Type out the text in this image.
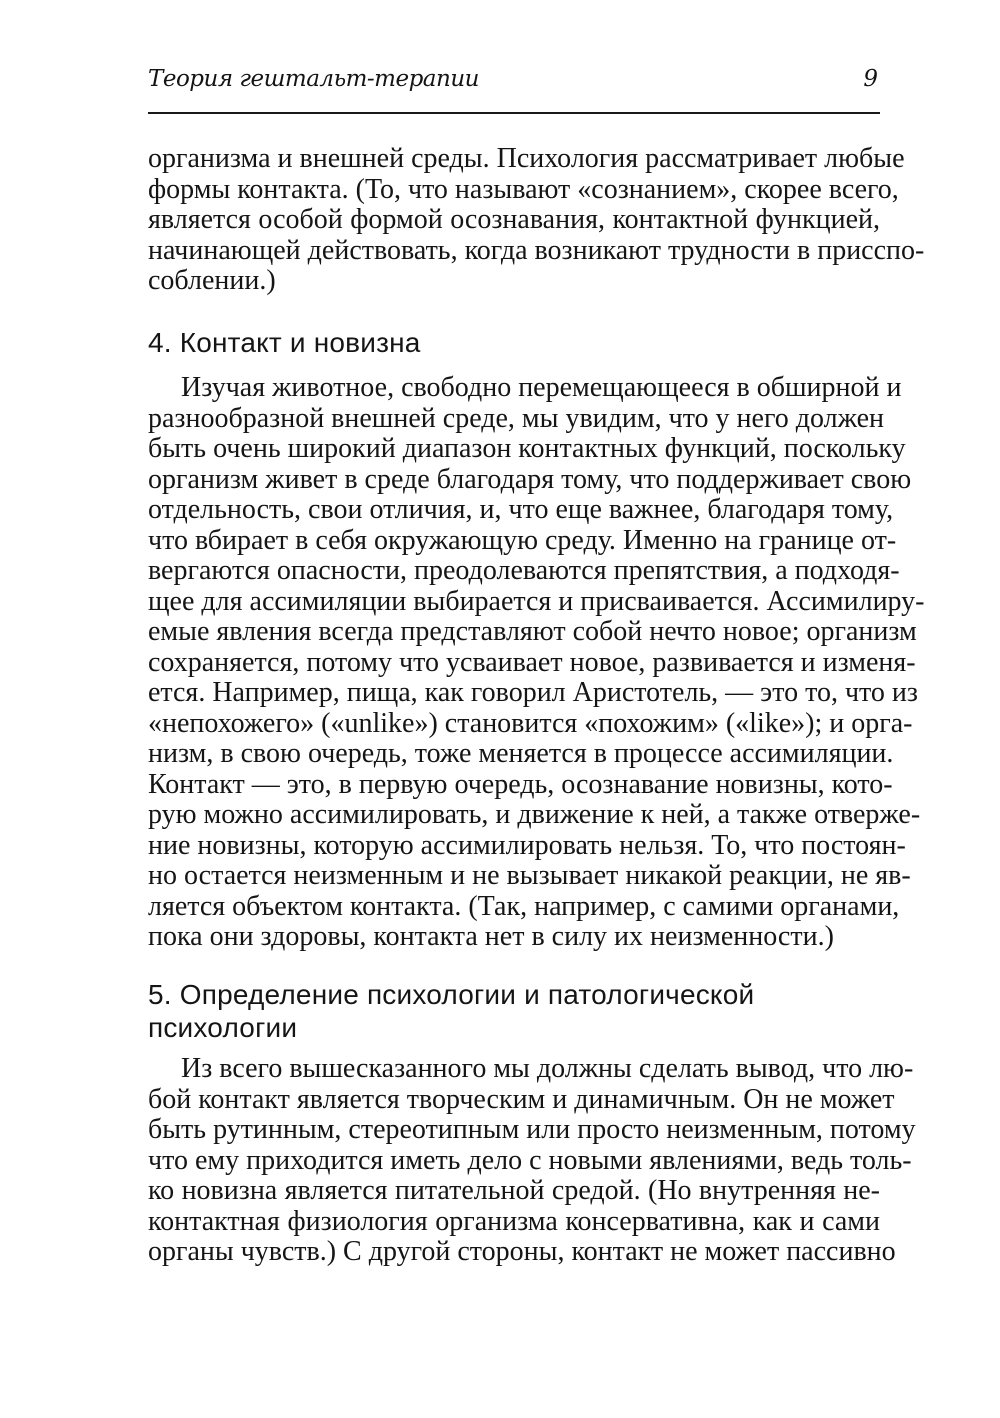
Теория гештальт-терапии	9
организма и внешней среды. Психология рассматривает любые
формы контакта. (То, что называют «сознанием», скорее всего,
является особой формой осознавания, контактной функцией,
начинающей действовать, когда возникают трудности в присспо-
соблении.)
4. Контакт и новизна
Изучая животное, свободно перемещающееся в обширной и
разнообразной внешней среде, мы увидим, что у него должен
быть очень широкий диапазон контактных функций, поскольку
организм живет в среде благодаря тому, что поддерживает свою
отдельность, свои отличия, и, что еще важнее, благодаря тому,
что вбирает в себя окружающую среду. Именно на границе от-
вергаются опасности, преодолеваются препятствия, а подходя-
щее для ассимиляции выбирается и присваивается. Ассимилиру-
емые явления всегда представляют собой нечто новое; организм
сохраняется, потому что усваивает новое, развивается и изменя-
ется. Например, пища, как говорил Аристотель, — это то, что из
«непохожего» («unlike») становится «похожим» («like»); и орга-
низм, в свою очередь, тоже меняется в процессе ассимиляции.
Контакт — это, в первую очередь, осознавание новизны, кото-
рую можно ассимилировать, и движение к ней, а также отверже-
ние новизны, которую ассимилировать нельзя. То, что постоян-
но остается неизменным и не вызывает никакой реакции, не яв-
ляется объектом контакта. (Так, например, с самими органами,
пока они здоровы, контакта нет в силу их неизменности.)
5. Определение психологии и патологической
психологии
Из всего вышесказанного мы должны сделать вывод, что лю-
бой контакт является творческим и динамичным. Он не может
быть рутинным, стереотипным или просто неизменным, потому
что ему приходится иметь дело с новыми явлениями, ведь толь-
ко новизна является питательной средой. (Но внутренняя не-
контактная физиология организма консервативна, как и сами
органы чувств.) С другой стороны, контакт не может пассивно
